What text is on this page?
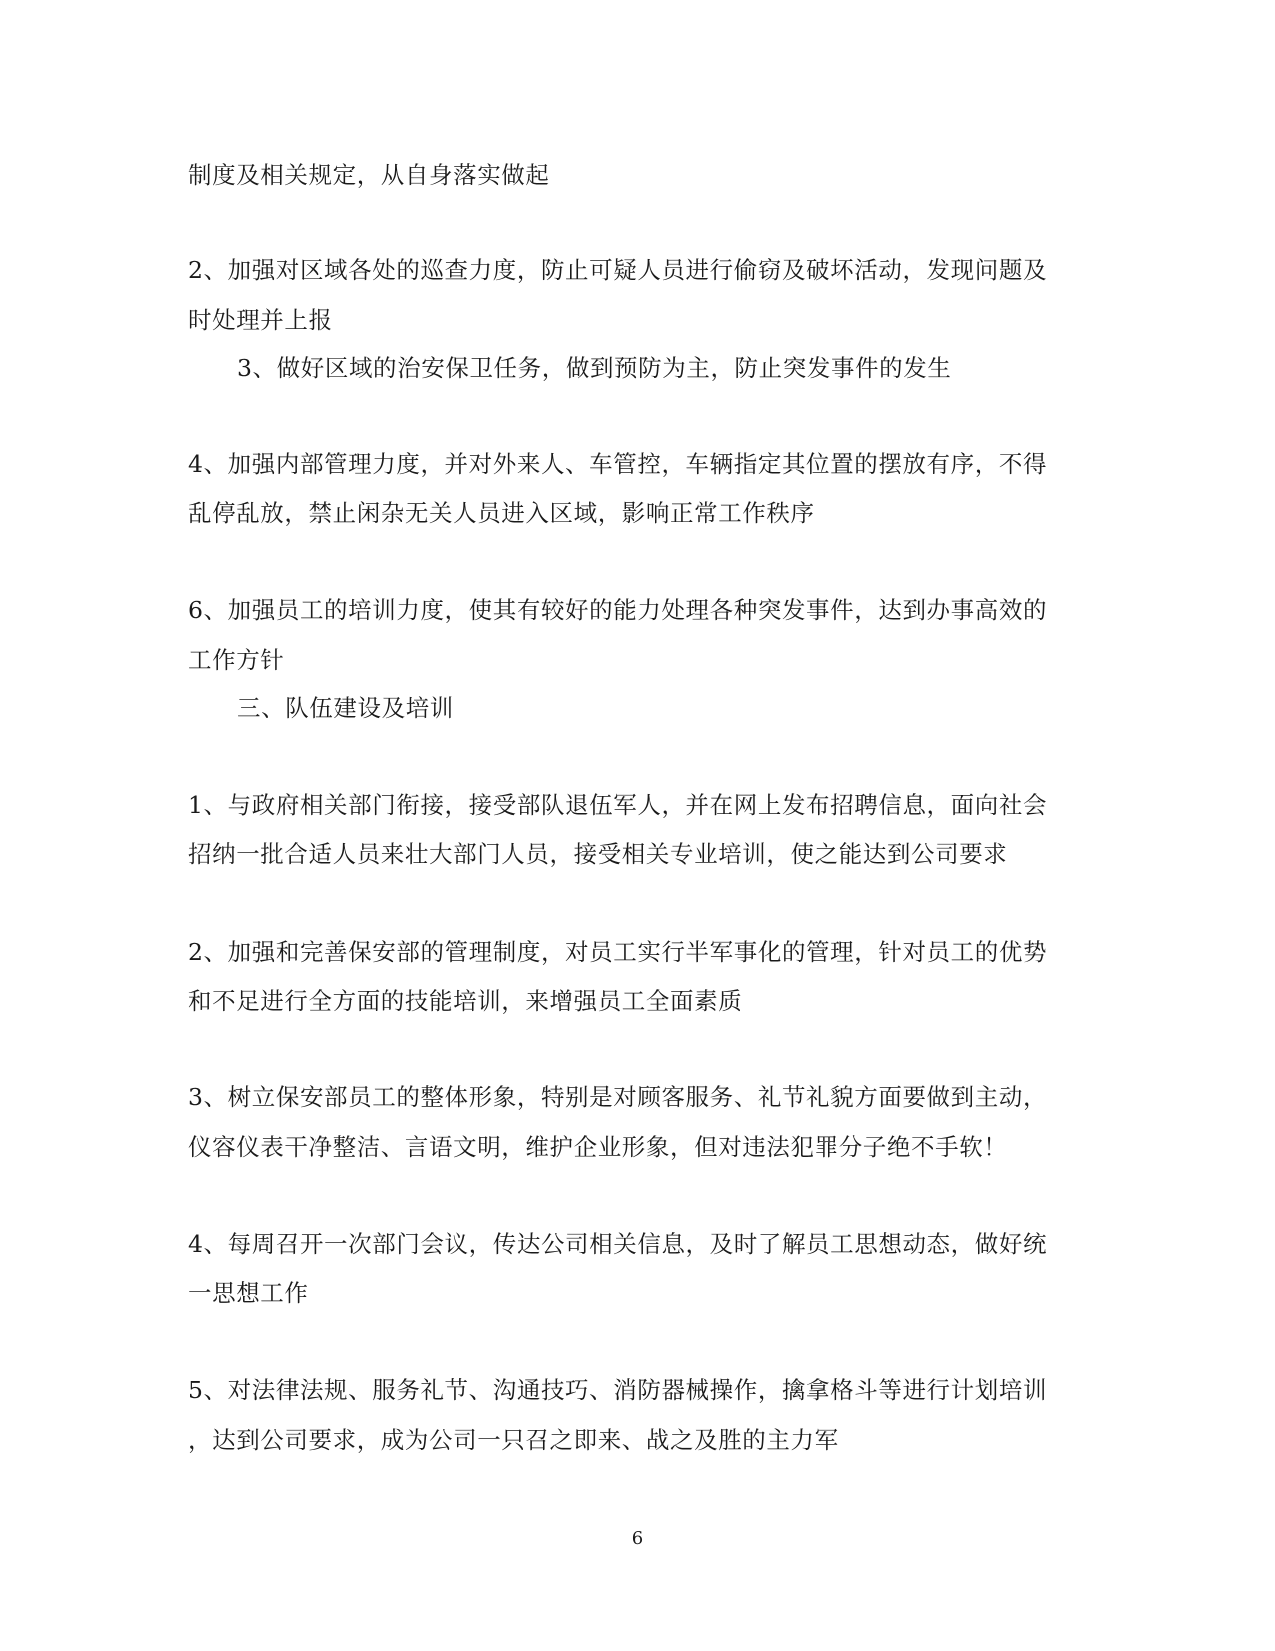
制度及相关规定，从自身落实做起
2、加强对区域各处的巡查力度，防止可疑人员进行偷窃及破坏活动，发现问题及
时处理并上报
3、做好区域的治安保卫任务，做到预防为主，防止突发事件的发生
4、加强内部管理力度，并对外来人、车管控，车辆指定其位置的摆放有序，不得
乱停乱放，禁止闲杂无关人员进入区域，影响正常工作秩序
6、加强员工的培训力度，使其有较好的能力处理各种突发事件，达到办事高效的
工作方针
三、队伍建设及培训
1、与政府相关部门衔接，接受部队退伍军人，并在网上发布招聘信息，面向社会
招纳一批合适人员来壮大部门人员，接受相关专业培训，使之能达到公司要求
2、加强和完善保安部的管理制度，对员工实行半军事化的管理，针对员工的优势
和不足进行全方面的技能培训，来增强员工全面素质
3、树立保安部员工的整体形象，特别是对顾客服务、礼节礼貌方面要做到主动，
仪容仪表干净整洁、言语文明，维护企业形象，但对违法犯罪分子绝不手软！
4、每周召开一次部门会议，传达公司相关信息，及时了解员工思想动态，做好统
一思想工作
5、对法律法规、服务礼节、沟通技巧、消防器械操作，擒拿格斗等进行计划培训
，达到公司要求，成为公司一只召之即来、战之及胜的主力军
6
